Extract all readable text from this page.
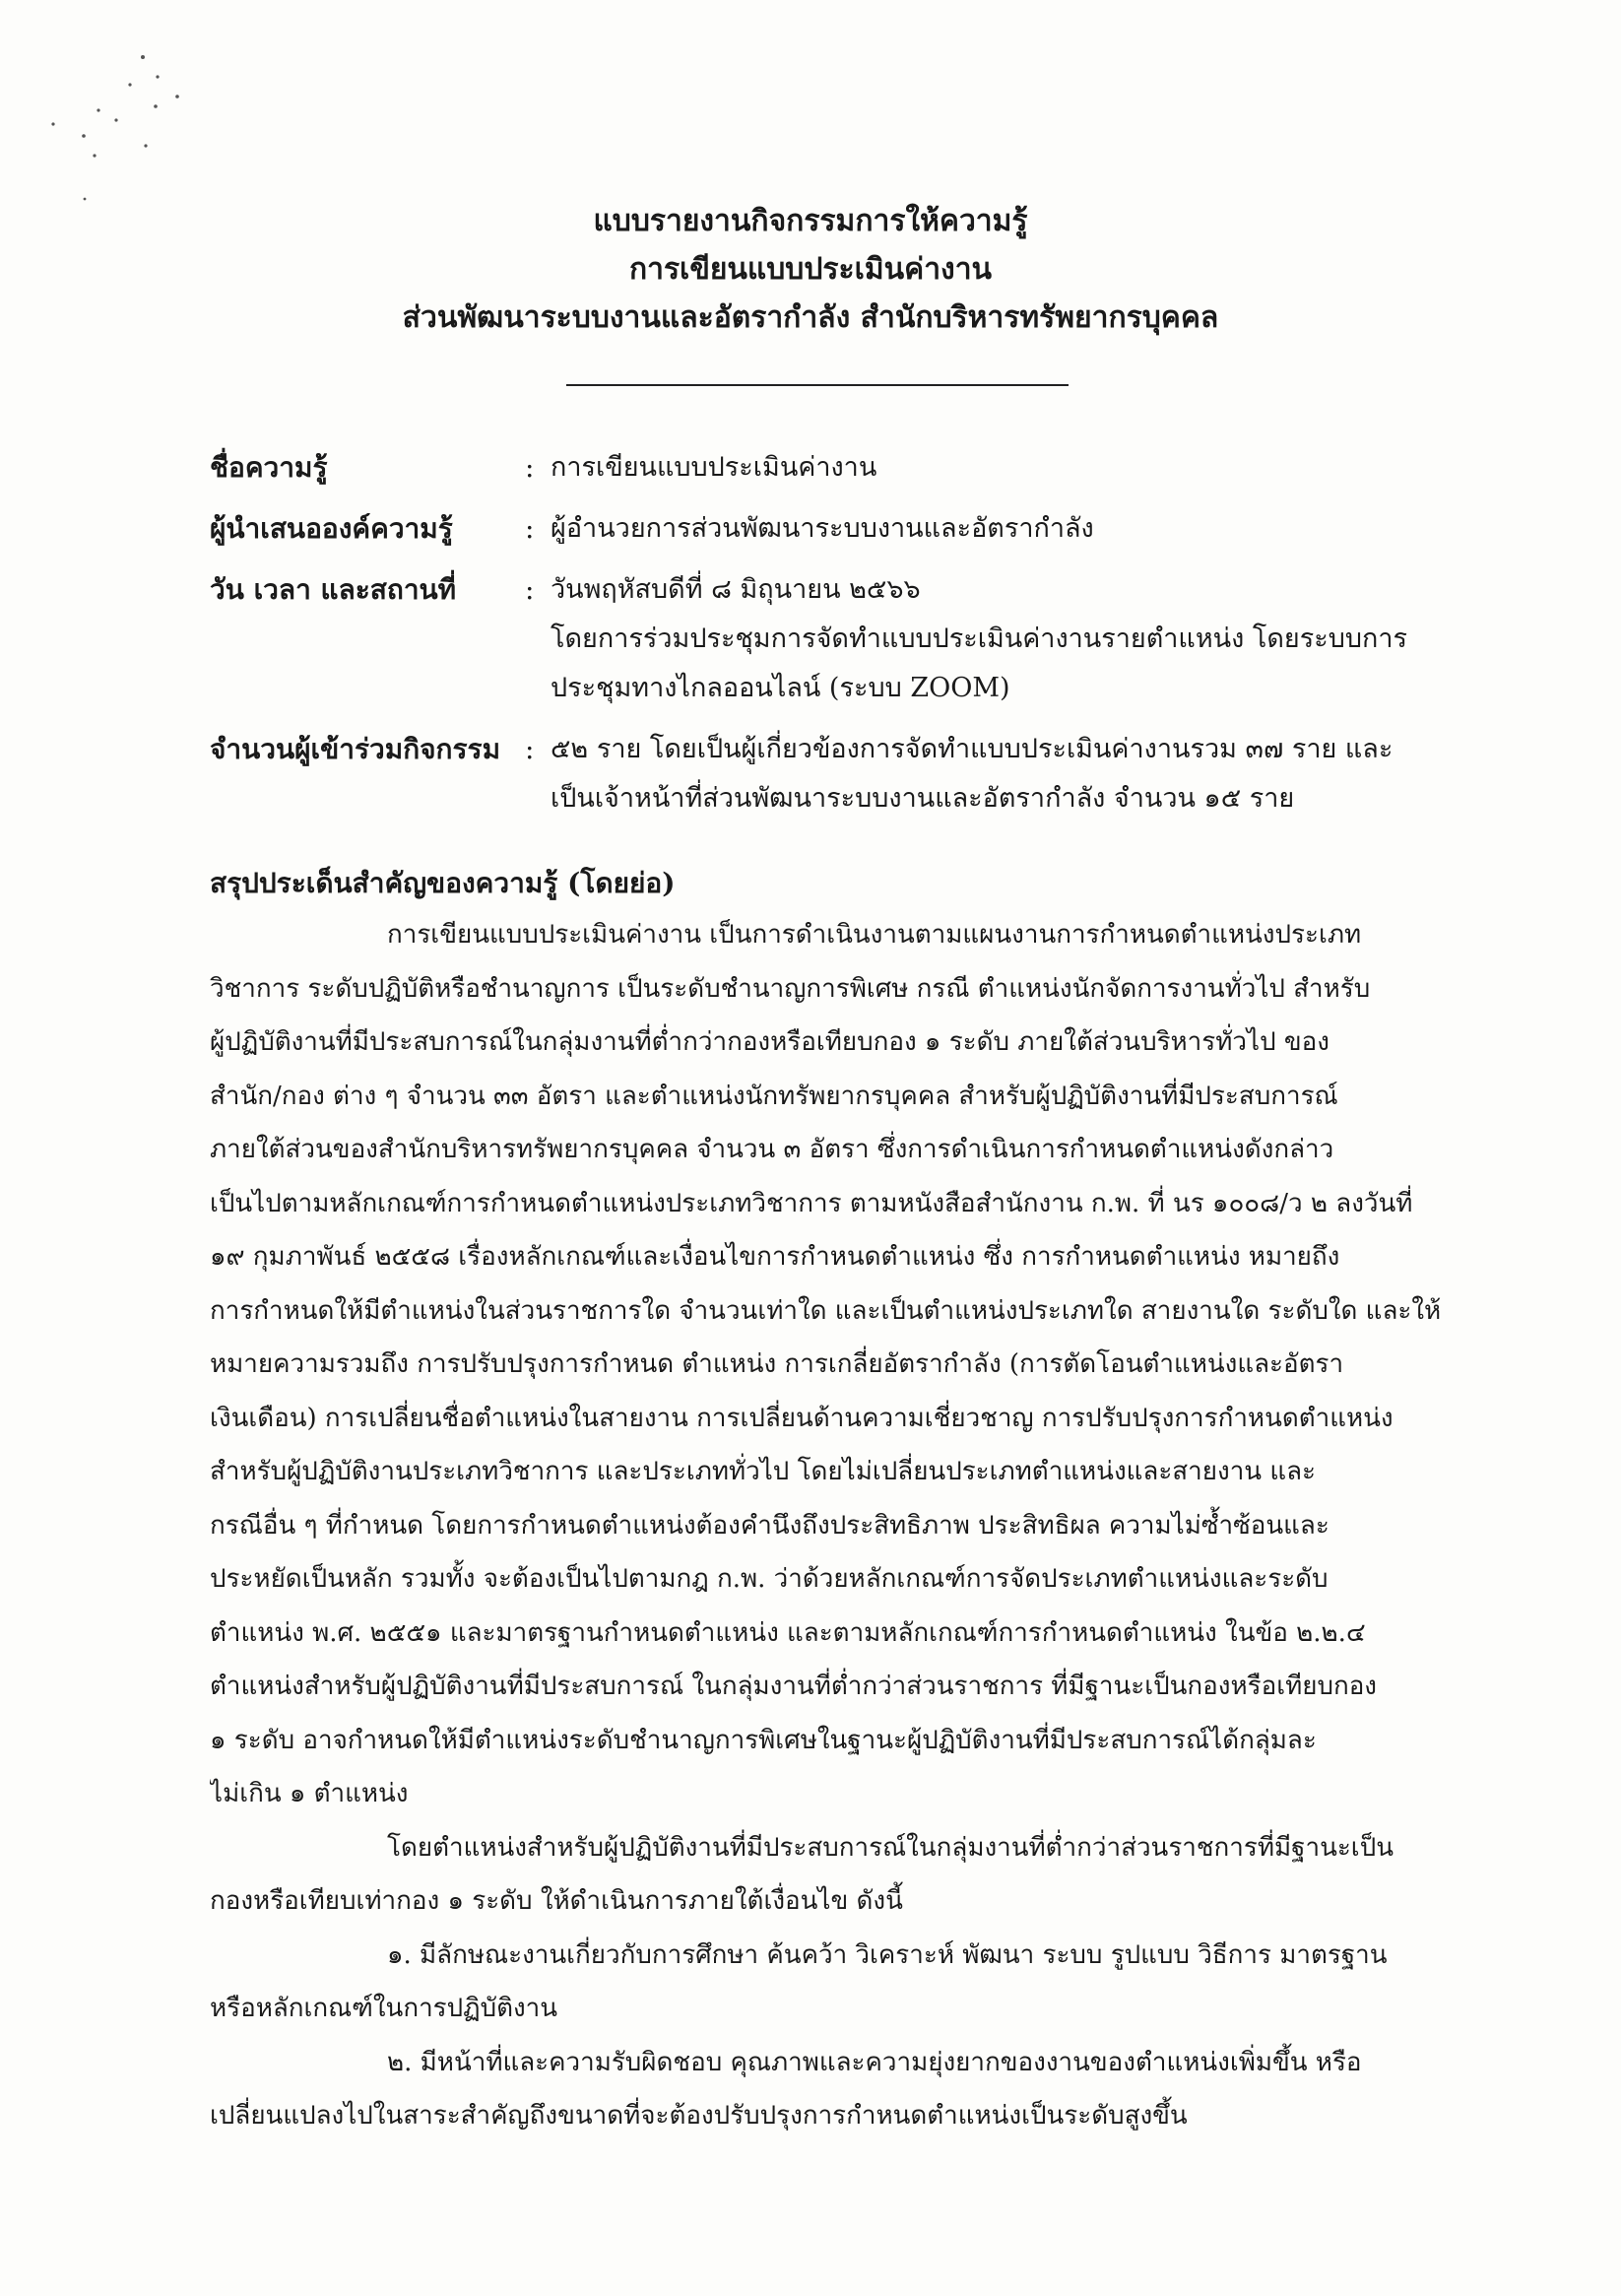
แบบรายงานกิจกรรมการให้ความรู้
การเขียนแบบประเมินค่างาน
ส่วนพัฒนาระบบงานและอัตรากำลัง สำนักบริหารทรัพยากรบุคคล
ชื่อความรู้	: การเขียนแบบประเมินค่างาน
ผู้นำเสนอองค์ความรู้	: ผู้อำนวยการส่วนพัฒนาระบบงานและอัตรากำลัง
วัน เวลา และสถานที่	: วันพฤหัสบดีที่ ๘ มิถุนายน ๒๕๖๖
โดยการร่วมประชุมการจัดทำแบบประเมินค่างานรายตำแหน่ง โดยระบบการ
ประชุมทางไกลออนไลน์ (ระบบ ZOOM)
จำนวนผู้เข้าร่วมกิจกรรม : ๕๒ ราย โดยเป็นผู้เกี่ยวข้องการจัดทำแบบประเมินค่างานรวม ๓๗ ราย และ
เป็นเจ้าหน้าที่ส่วนพัฒนาระบบงานและอัตรากำลัง จำนวน ๑๕ ราย
สรุปประเด็นสำคัญของความรู้ (โดยย่อ)
การเขียนแบบประเมินค่างาน เป็นการดำเนินงานตามแผนงานการกำหนดตำแหน่งประเภท
วิชาการ ระดับปฏิบัติหรือชำนาญการ เป็นระดับชำนาญการพิเศษ กรณี ตำแหน่งนักจัดการงานทั่วไป สำหรับ
ผู้ปฏิบัติงานที่มีประสบการณ์ในกลุ่มงานที่ต่ำกว่ากองหรือเทียบกอง ๑ ระดับ ภายใต้ส่วนบริหารทั่วไป ของ
สำนัก/กอง ต่าง ๆ จำนวน ๓๓ อัตรา และตำแหน่งนักทรัพยากรบุคคล สำหรับผู้ปฏิบัติงานที่มีประสบการณ์
ภายใต้ส่วนของสำนักบริหารทรัพยากรบุคคล จำนวน ๓ อัตรา ซึ่งการดำเนินการกำหนดตำแหน่งดังกล่าว
เป็นไปตามหลักเกณฑ์การกำหนดตำแหน่งประเภทวิชาการ ตามหนังสือสำนักงาน ก.พ. ที่ นร ๑๐๐๘/ว ๒ ลงวันที่
๑๙ กุมภาพันธ์ ๒๕๕๘ เรื่องหลักเกณฑ์และเงื่อนไขการกำหนดตำแหน่ง ซึ่ง การกำหนดตำแหน่ง หมายถึง
การกำหนดให้มีตำแหน่งในส่วนราชการใด จำนวนเท่าใด และเป็นตำแหน่งประเภทใด สายงานใด ระดับใด และให้
หมายความรวมถึง การปรับปรุงการกำหนด ตำแหน่ง การเกลี่ยอัตรากำลัง (การตัดโอนตำแหน่งและอัตรา
เงินเดือน) การเปลี่ยนชื่อตำแหน่งในสายงาน การเปลี่ยนด้านความเชี่ยวชาญ การปรับปรุงการกำหนดตำแหน่ง
สำหรับผู้ปฏิบัติงานประเภทวิชาการ และประเภททั่วไป โดยไม่เปลี่ยนประเภทตำแหน่งและสายงาน และ
กรณีอื่น ๆ ที่กำหนด โดยการกำหนดตำแหน่งต้องคำนึงถึงประสิทธิภาพ ประสิทธิผล ความไม่ซ้ำซ้อนและ
ประหยัดเป็นหลัก รวมทั้ง จะต้องเป็นไปตามกฎ ก.พ. ว่าด้วยหลักเกณฑ์การจัดประเภทตำแหน่งและระดับ
ตำแหน่ง พ.ศ. ๒๕๕๑ และมาตรฐานกำหนดตำแหน่ง และตามหลักเกณฑ์การกำหนดตำแหน่ง ในข้อ ๒.๒.๔
ตำแหน่งสำหรับผู้ปฏิบัติงานที่มีประสบการณ์ ในกลุ่มงานที่ต่ำกว่าส่วนราชการ ที่มีฐานะเป็นกองหรือเทียบกอง
๑ ระดับ อาจกำหนดให้มีตำแหน่งระดับชำนาญการพิเศษในฐานะผู้ปฏิบัติงานที่มีประสบการณ์ได้กลุ่มละ
ไม่เกิน ๑ ตำแหน่ง
โดยตำแหน่งสำหรับผู้ปฏิบัติงานที่มีประสบการณ์ในกลุ่มงานที่ต่ำกว่าส่วนราชการที่มีฐานะเป็น
กองหรือเทียบเท่ากอง ๑ ระดับ ให้ดำเนินการภายใต้เงื่อนไข ดังนี้
๑. มีลักษณะงานเกี่ยวกับการศึกษา ค้นคว้า วิเคราะห์ พัฒนา ระบบ รูปแบบ วิธีการ มาตรฐาน
หรือหลักเกณฑ์ในการปฏิบัติงาน
๒. มีหน้าที่และความรับผิดชอบ คุณภาพและความยุ่งยากของงานของตำแหน่งเพิ่มขึ้น หรือ
เปลี่ยนแปลงไปในสาระสำคัญถึงขนาดที่จะต้องปรับปรุงการกำหนดตำแหน่งเป็นระดับสูงขึ้น
